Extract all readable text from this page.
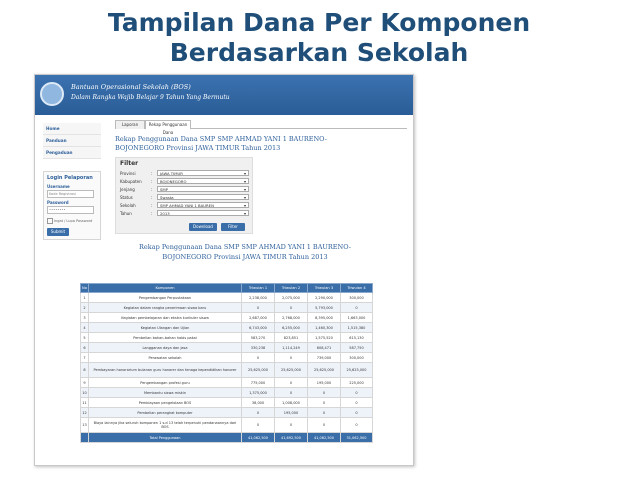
Tampilan Dana Per Komponen
Berdasarkan Sekolah
Bantuan Operasional Sekolah (BOS)
Dalam Rangka Wajib Belajar 9 Tahun Yang Bermutu
Home
Panduan
Pengaduan
Login Pelaporan
Username
Kode Registrasi
Password
••••••••
Ingat / Lupa Password
Submit
Laporan	Rekap Penggunaan Dana
Rekap Penggunaan Dana SMP SMP AHMAD YANI 1 BAURENO-
BOJONEGORO Provinsi JAWA TIMUR Tahun 2013
Filter
Provinsi	:	JAWA TIMUR	▾
Kabupaten :	BOJONEGORO	▾
Jenjang	:	SMP	▾
Status	:	Swasta	▾
Sekolah	:	SMP AHMAD YANI 1 BAUREN	▾
Tahun	:	2013	▾
Download	Filter
Rekap Penggunaan Dana SMP SMP AHMAD YANI 1 BAURENO-
BOJONEGORO Provinsi JAWA TIMUR Tahun 2013
No	Komponen	Triwulan 1	Triwulan 2	Triwulan 3	Triwulan 4
1	Pengembangan Perpustakaan	2,238,000	2,075,000	2,290,000	300,000
2	Kegiatan dalam rangka penerimaan siswa baru	0	0	5,793,000	0
3	Kegiatan pembelajaran dan ekstra kurikuler siswa	2,687,000	2,768,000	8,395,000	1,663,000
4	Kegiatan Ulangan dan Ujian	6,743,000	6,255,000	1,460,300	1,515,380
5	Pembelian bahan-bahan habis pakai	583,270	823,851	1,575,520	615,130
6	Langganan daya dan jasa	330,238	1,114,249	608,471	587,750
7	Perawatan sekolah	0	0	739,000	300,000
8	Pembayaran honorarium bulanan guru honorer dan tenaga kependidikan honorer	25,625,000	25,625,000	25,625,000	25,625,000
9	Pengembangan profesi guru	775,000	0	195,000	225,000
10	Membantu siswa miskin	1,375,000	0	0	0
11	Pembiayaan pengelolaan BOS	38,000	1,008,000	0	0
12	Pembelian perangkat komputer	0	195,000	0	0
13	Biaya lainnya jika seluruh komponen 1 s.d 13 telah terpenuhi pendanaannya dari BOS	0	0	0	0
	Total Penggunaan	41,062,500	41,692,500	41,062,500	31,062,500
